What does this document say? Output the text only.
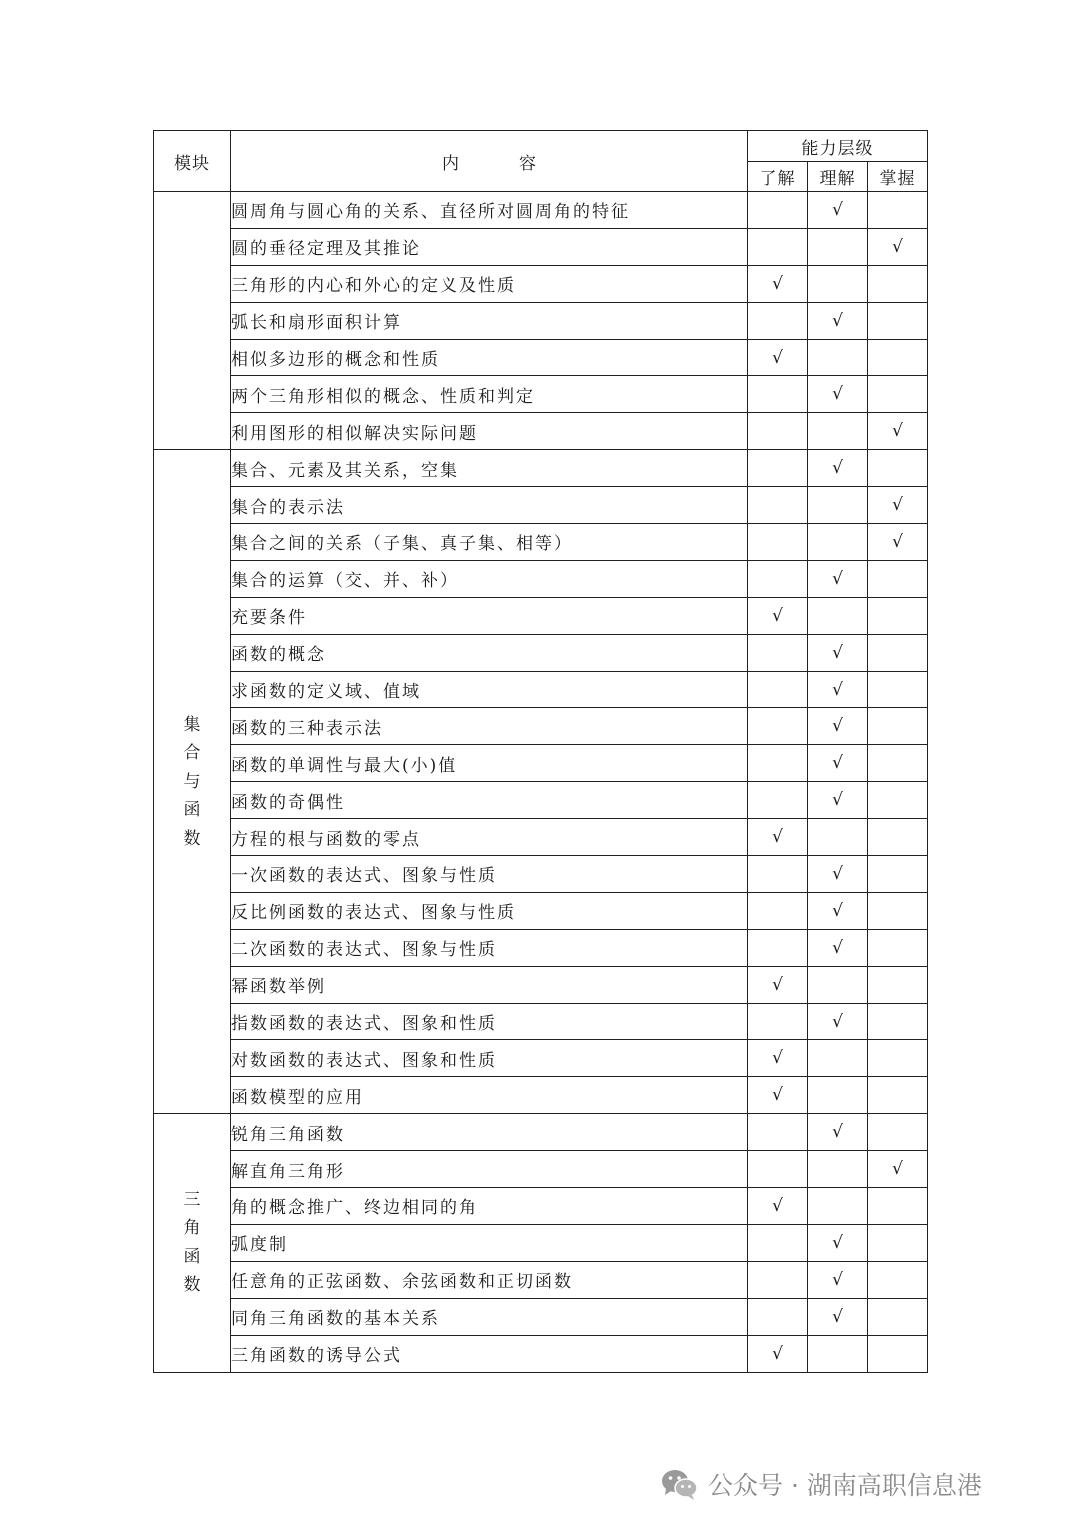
模块	内容	能力层级		
		了解	理解	掌握
	圆周角与圆心角的关系、直径所对圆周角的特征		√	
	圆的垂径定理及其推论			√
	三角形的内心和外心的定义及性质	√		
	弧长和扇形面积计算		√	
	相似多边形的概念和性质	√		
	两个三角形相似的概念、性质和判定		√	
	利用图形的相似解决实际问题			√
集合与函数	集合、元素及其关系，空集		√	
	集合的表示法			√
	集合之间的关系（子集、真子集、相等）			√
	集合的运算（交、并、补）		√	
	充要条件	√		
	函数的概念		√	
	求函数的定义域、值域		√	
	函数的三种表示法		√	
	函数的单调性与最大(小)值		√	
	函数的奇偶性		√	
	方程的根与函数的零点	√		
	一次函数的表达式、图象与性质		√	
	反比例函数的表达式、图象与性质		√	
	二次函数的表达式、图象与性质		√	
	幂函数举例	√		
	指数函数的表达式、图象和性质		√	
	对数函数的表达式、图象和性质	√		
	函数模型的应用	√		
三角函数	锐角三角函数		√	
	解直角三角形			√
	角的概念推广、终边相同的角	√		
	弧度制		√	
	任意角的正弦函数、余弦函数和正切函数		√	
	同角三角函数的基本关系		√	
	三角函数的诱导公式	√		
公众号 · 湖南高职信息港
